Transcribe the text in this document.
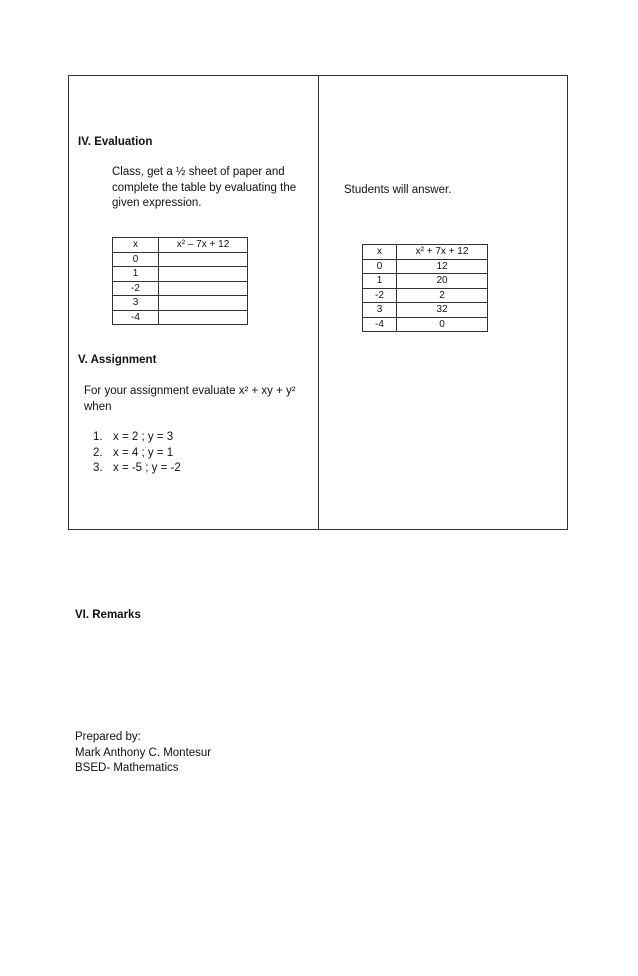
IV. Evaluation
Class, get a ½ sheet of paper and
complete the table by evaluating the
given expression.
x	x² – 7x + 12
0	
1	
-2	
3	
-4	
V. Assignment
For your assignment evaluate x² + xy + y²
when
1. x = 2 ; y = 3
2. x = 4 ; y = 1
3. x = -5 ; y = -2
Students will answer.
x	x² + 7x + 12
0	12
1	20
-2	2
3	32
-4	0
VI. Remarks
Prepared by:
Mark Anthony C. Montesur
BSED- Mathematics
